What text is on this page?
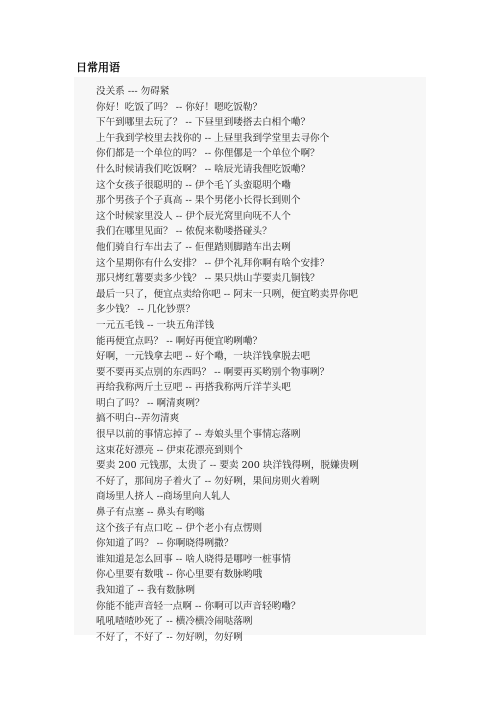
日常用语
没关系 --- 勿碍紧
你好！吃饭了吗？ -- 你好！嗯吃饭勒？
下午到哪里去玩了？ -- 下昼里到喽搭去白相个嘞？
上午我到学校里去找你的 -- 上昼里我到学堂里去寻你个
你们都是一个单位的吗？ -- 你俚㑚是一个单位个啊？
什么时候请我们吃饭啊？ -- 啥辰光请我俚吃饭嘞？
这个女孩子很聪明的 -- 伊个毛丫头蛮聪明个嘞
那个男孩子个子真高 -- 果个男佬小长得长到则个
这个时候家里没人 -- 伊个辰光窝里向呒不人个
我们在哪里见面？ -- 侬倪来勒喽搭碰头？
他们骑自行车出去了 -- 佢俚踏则脚踏车出去咧
这个星期你有什么安排？ -- 伊个礼拜你啊有啥个安排？
那只烤红薯要卖多少钱？ -- 果只烘山芋要卖几铜钱？
最后一只了，便宜点卖给你吧 -- 阿末一只咧，便宜哟卖畀你吧
多少钱？ -- 几化钞票？
一元五毛钱 -- 一块五角洋钱
能再便宜点吗？ -- 啊好再便宜哟咧嘞？
好啊，一元钱拿去吧 -- 好个嘞，一块洋钱拿脱去吧
要不要再买点别的东西吗？ -- 啊要再买哟别个物事咧？
再给我称两斤土豆吧 -- 再搭我称两斤洋芋头吧
明白了吗？ -- 啊清爽咧？
搞不明白--弄勿清爽
很早以前的事情忘掉了 -- 寿娘头里个事情忘落咧
这束花好漂亮 -- 伊束花漂亮到则个
要卖 200 元钱那，太贵了 -- 要卖 200 块洋钱得咧，脱嫌贵咧
不好了，那间房子着火了 -- 勿好咧，果间房则火着咧
商场里人挤人 --商场里向人轧人
鼻子有点塞 -- 鼻头有哟嗡
这个孩子有点口吃 -- 伊个老小有点愣则
你知道了吗？ -- 你啊晓得咧撒？
谁知道是怎么回事 -- 啥人晓得是哪哼一桩事情
你心里要有数哦 -- 你心里要有数脉哟哦
我知道了 -- 我有数脉咧
你能不能声音轻一点啊 -- 你啊可以声音轻哟嘞？
吼吼喳喳吵死了 -- 横冷横冷闹哒落咧
不好了，不好了 -- 勿好咧，勿好咧
